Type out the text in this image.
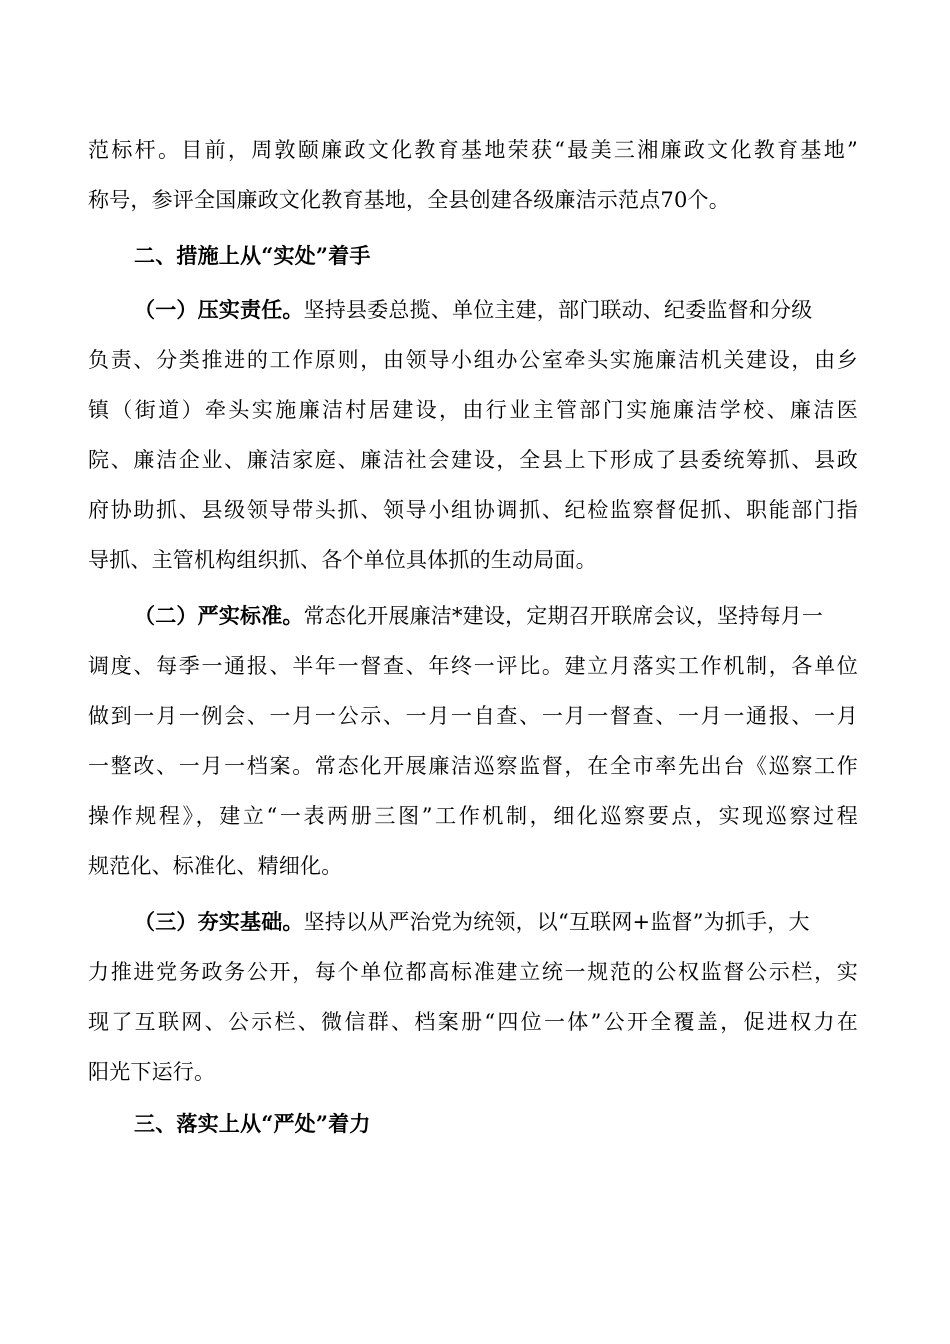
范标杆。目前，周敦颐廉政文化教育基地荣获“最美三湘廉政文化教育基地”
称号，参评全国廉政文化教育基地，全县创建各级廉洁示范点70个。
二、措施上从“实处”着手
（一）压实责任。坚持县委总揽、单位主建，部门联动、纪委监督和分级
负责、分类推进的工作原则，由领导小组办公室牵头实施廉洁机关建设，由乡
镇（街道）牵头实施廉洁村居建设，由行业主管部门实施廉洁学校、廉洁医
院、廉洁企业、廉洁家庭、廉洁社会建设，全县上下形成了县委统筹抓、县政
府协助抓、县级领导带头抓、领导小组协调抓、纪检监察督促抓、职能部门指
导抓、主管机构组织抓、各个单位具体抓的生动局面。
（二）严实标准。常态化开展廉洁*建设，定期召开联席会议，坚持每月一
调度、每季一通报、半年一督查、年终一评比。建立月落实工作机制，各单位
做到一月一例会、一月一公示、一月一自查、一月一督查、一月一通报、一月
一整改、一月一档案。常态化开展廉洁巡察监督，在全市率先出台《巡察工作
操作规程》，建立“一表两册三图”工作机制，细化巡察要点，实现巡察过程
规范化、标准化、精细化。
（三）夯实基础。坚持以从严治党为统领，以“互联网+监督”为抓手，大
力推进党务政务公开，每个单位都高标准建立统一规范的公权监督公示栏，实
现了互联网、公示栏、微信群、档案册“四位一体”公开全覆盖，促进权力在
阳光下运行。
三、落实上从“严处”着力
